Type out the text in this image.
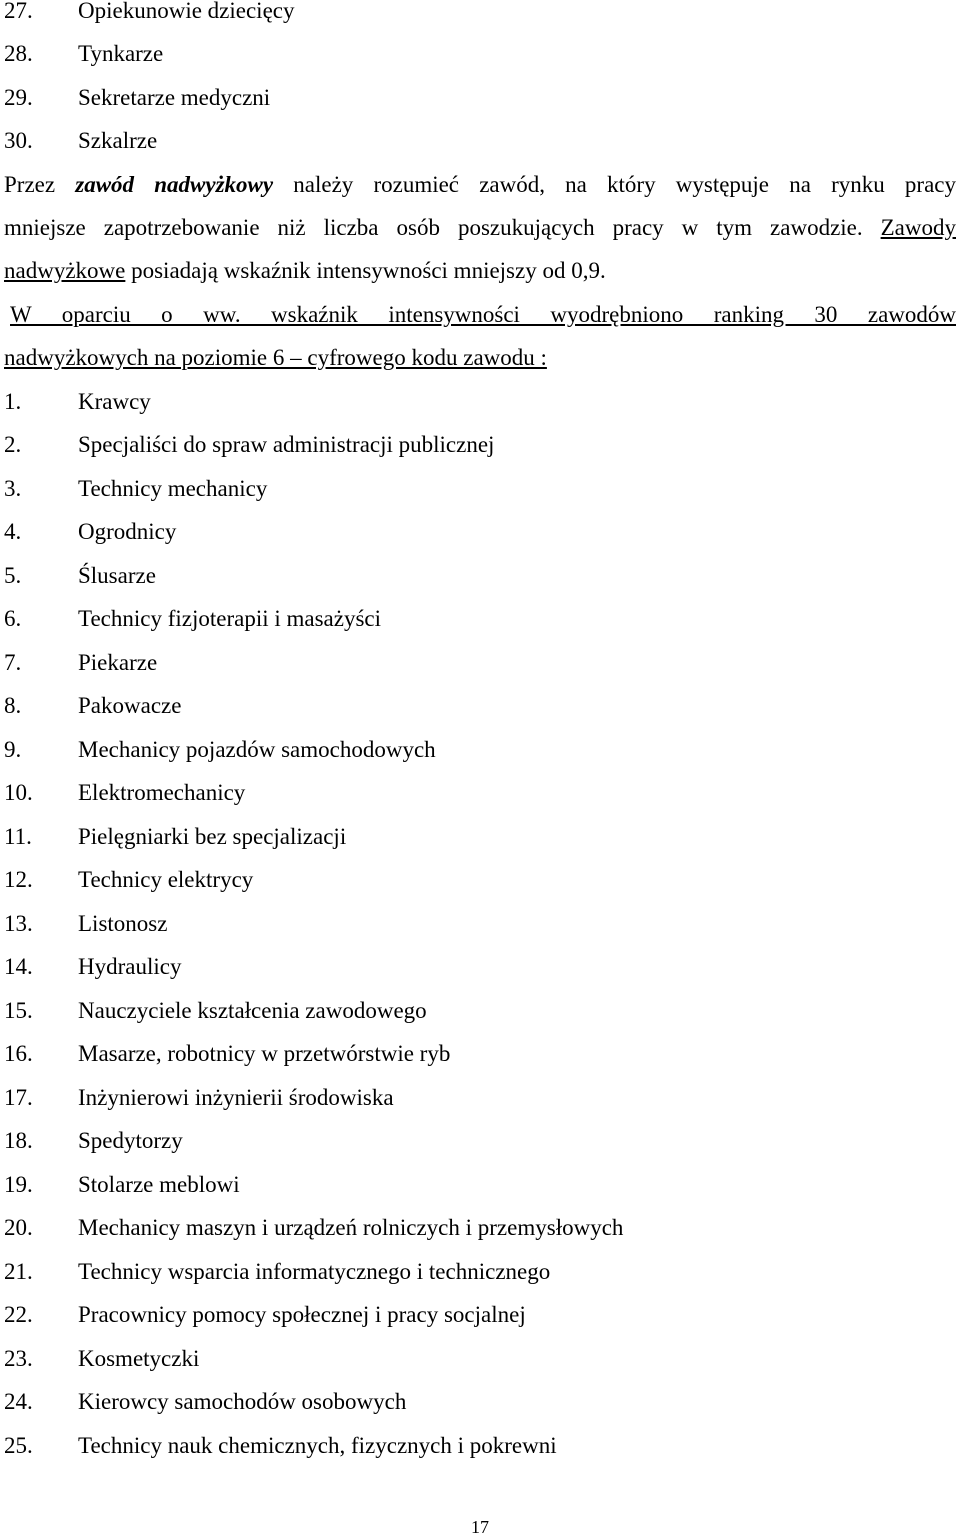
27. Opiekunowie dziecięcy
28. Tynkarze
29. Sekretarze medyczni
30. Szkalrze
Przez zawód nadwyżkowy należy rozumieć zawód, na który występuje na rynku pracy
mniejsze zapotrzebowanie niż liczba osób poszukujących pracy w tym zawodzie. Zawody
nadwyżkowe posiadają wskaźnik intensywności mniejszy od 0,9.
W oparciu o ww. wskaźnik intensywności wyodrębniono ranking 30 zawodów
nadwyżkowych na poziomie 6 – cyfrowego kodu zawodu :
1. Krawcy
2. Specjaliści do spraw administracji publicznej
3. Technicy mechanicy
4. Ogrodnicy
5. Ślusarze
6. Technicy fizjoterapii i masażyści
7. Piekarze
8. Pakowacze
9. Mechanicy pojazdów samochodowych
10. Elektromechanicy
11. Pielęgniarki bez specjalizacji
12. Technicy elektrycy
13. Listonosz
14. Hydraulicy
15. Nauczyciele kształcenia zawodowego
16. Masarze, robotnicy w przetwórstwie ryb
17. Inżynierowi inżynierii środowiska
18. Spedytorzy
19. Stolarze meblowi
20. Mechanicy maszyn i urządzeń rolniczych i przemysłowych
21. Technicy wsparcia informatycznego i technicznego
22. Pracownicy pomocy społecznej i pracy socjalnej
23. Kosmetyczki
24. Kierowcy samochodów osobowych
25. Technicy nauk chemicznych, fizycznych i pokrewni
17
